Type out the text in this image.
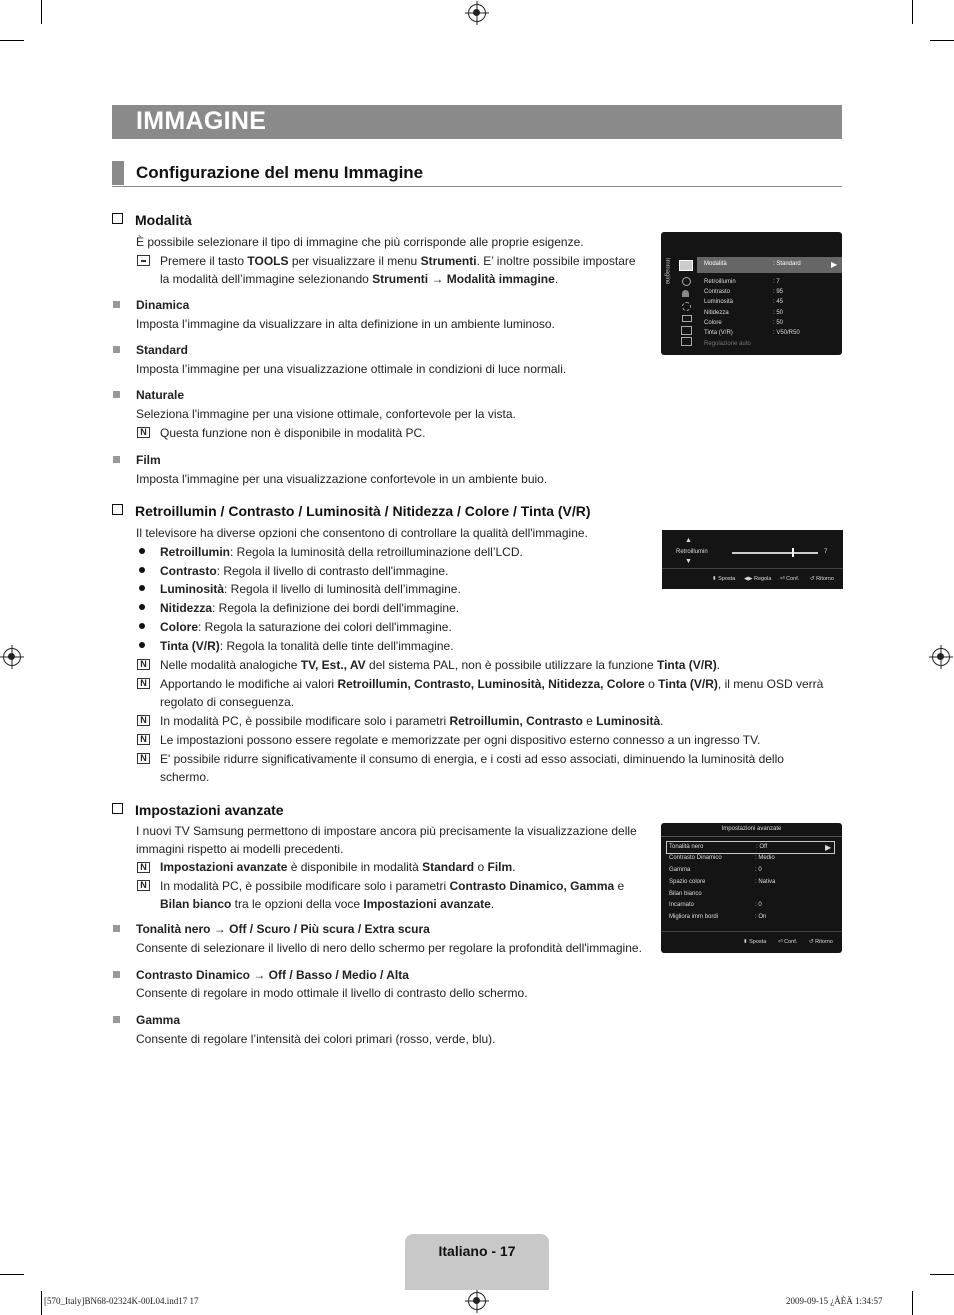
IMMAGINE
Configurazione del menu Immagine
Modalità
È possibile selezionare il tipo di immagine che più corrisponde alle proprie esigenze.
Premere il tasto TOOLS per visualizzare il menu Strumenti. E’ inoltre possibile impostare
la modalità dell’immagine selezionando Strumenti → Modalità immagine.
Dinamica
Imposta l’immagine da visualizzare in alta definizione in un ambiente luminoso.
Standard
Imposta l’immagine per una visualizzazione ottimale in condizioni di luce normali.
Naturale
Seleziona l'immagine per una visione ottimale, confortevole per la vista.
N Questa funzione non è disponibile in modalità PC.
Film
Imposta l'immagine per una visualizzazione confortevole in un ambiente buio.
Immagine	Modalità	: Standard	▶
Retroillumin	: 7
Contrasto	: 95
Luminosità	: 45
Nitidezza	: 50
Colore	: 50
Tinta (V/R)	: V50/R50
Regolazione auto
Retroillumin / Contrasto / Luminosità / Nitidezza / Colore / Tinta (V/R)
Il televisore ha diverse opzioni che consentono di controllare la qualità dell'immagine.
Retroillumin: Regola la luminosità della retroilluminazione dell’LCD.
Contrasto: Regola il livello di contrasto dell'immagine.
Luminosità: Regola il livello di luminosità dell’immagine.
Nitidezza: Regola la definizione dei bordi dell'immagine.
Colore: Regola la saturazione dei colori dell'immagine.
Tinta (V/R): Regola la tonalità delle tinte dell'immagine.
N Nelle modalità analogiche TV, Est., AV del sistema PAL, non è possibile utilizzare la funzione Tinta (V/R).
N Apportando le modifiche ai valori Retroillumin, Contrasto, Luminosità, Nitidezza, Colore o Tinta (V/R), il menu OSD verrà
regolato di conseguenza.
N In modalità PC, è possibile modificare solo i parametri Retroillumin, Contrasto e Luminosità.
N Le impostazioni possono essere regolate e memorizzate per ogni dispositivo esterno connesso a un ingresso TV.
N E' possibile ridurre significativamente il consumo di energia, e i costi ad esso associati, diminuendo la luminosità dello
schermo.
▲
Retroillumin
▼
7
⬍ Sposta ◀▶ Regola ⏎ Conf. ↺ Ritorno
Impostazioni avanzate
I nuovi TV Samsung permettono di impostare ancora più precisamente la visualizzazione delle
immagini rispetto ai modelli precedenti.
N Impostazioni avanzate è disponibile in modalità Standard o Film.
N In modalità PC, è possibile modificare solo i parametri Contrasto Dinamico, Gamma e
Bilan bianco tra le opzioni della voce Impostazioni avanzate.
Tonalità nero → Off / Scuro / Più scura / Extra scura
Consente di selezionare il livello di nero dello schermo per regolare la profondità dell'immagine.
Contrasto Dinamico → Off / Basso / Medio / Alta
Consente di regolare in modo ottimale il livello di contrasto dello schermo.
Gamma
Consente di regolare l’intensità dei colori primari (rosso, verde, blu).
Impostazioni avanzate
Tonalità nero	: Off	▶
Contrasto Dinamico	: Medio
Gamma	: 0
Spazio colore	: Nativa
Bilan bianco
Incarnato	: 0
Migliora imm bordi	: On
⬍ Sposta ⏎ Conf. ↺ Ritorno
Italiano - 17
[570_Italy]BN68-02324K-00L04.ind17 17	2009-09-15 ¿ÀÈÄ 1:34:57
